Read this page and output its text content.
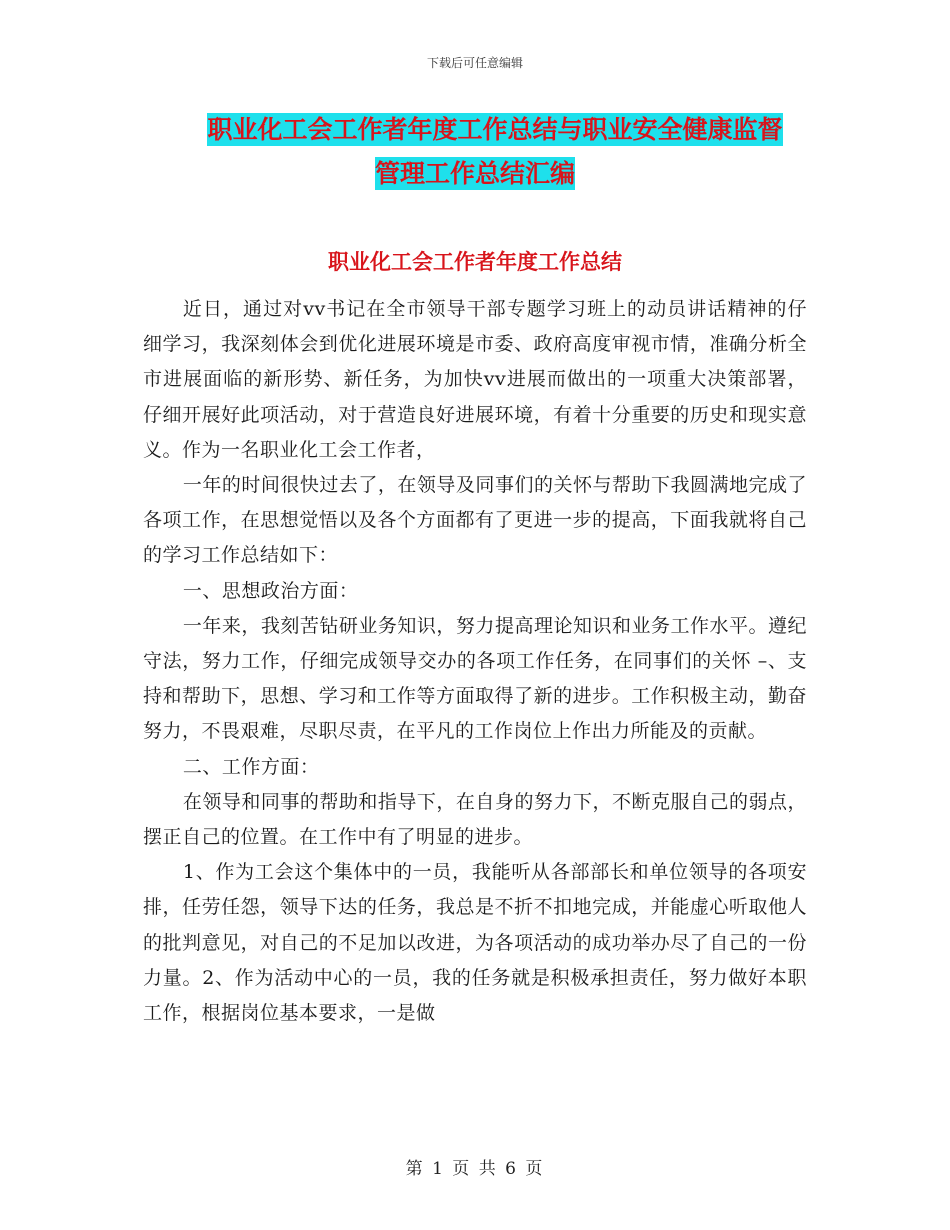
下载后可任意编辑
职业化工会工作者年度工作总结与职业安全健康监督
管理工作总结汇编
职业化工会工作者年度工作总结

近日，通过对vv书记在全市领导干部专题学习班上的动员讲话精神的仔细学习，我深刻体会到优化进展环境是市委、政府高度审视市情，准确分析全市进展面临的新形势、新任务，为加快vv进展而做出的一项重大决策部署，仔细开展好此项活动，对于营造良好进展环境，有着十分重要的历史和现实意义。作为一名职业化工会工作者，

一年的时间很快过去了，在领导及同事们的关怀与帮助下我圆满地完成了各项工作，在思想觉悟以及各个方面都有了更进一步的提高，下面我就将自己的学习工作总结如下：

一、思想政治方面：

一年来，我刻苦钻研业务知识，努力提高理论知识和业务工作水平。遵纪守法，努力工作，仔细完成领导交办的各项工作任务，在同事们的关怀 –、支持和帮助下，思想、学习和工作等方面取得了新的进步。工作积极主动，勤奋努力，不畏艰难，尽职尽责，在平凡的工作岗位上作出力所能及的贡献。

二、工作方面：

在领导和同事的帮助和指导下，在自身的努力下，不断克服自己的弱点，摆正自己的位置。在工作中有了明显的进步。

1、作为工会这个集体中的一员，我能听从各部部长和单位领导的各项安排，任劳任怨，领导下达的任务，我总是不折不扣地完成，并能虚心听取他人的批判意见，对自己的不足加以改进，为各项活动的成功举办尽了自己的一份力量。2、作为活动中心的一员，我的任务就是积极承担责任，努力做好本职工作，根据岗位基本要求，一是做

第 1 页 共 6 页
